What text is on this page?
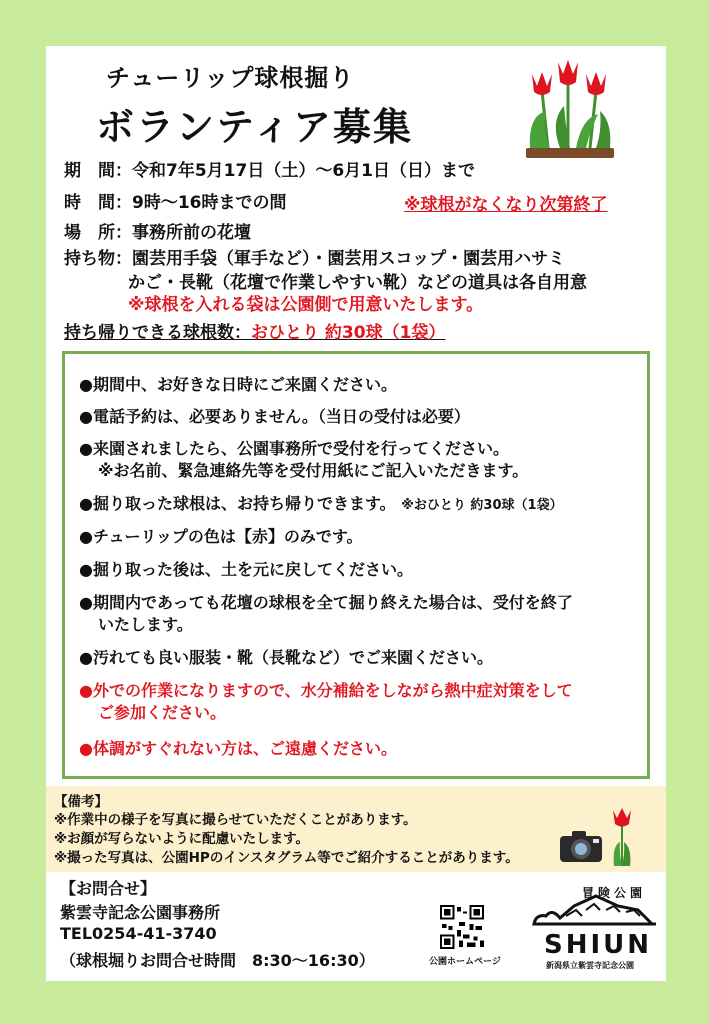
チューリップ球根掘り
ボランティア募集
期　間：令和7年5月17日（土）～6月1日（日）まで
時　間：9時～16時までの間	※球根がなくなり次第終了
場　所：事務所前の花壇
持ち物：園芸用手袋（軍手など）・園芸用スコップ・園芸用ハサミ
かご・長靴（花壇で作業しやすい靴）などの道具は各自用意
※球根を入れる袋は公園側で用意いたします。
持ち帰りできる球根数：おひとり 約30球（1袋）
●期間中、お好きな日時にご来園ください。
●電話予約は、必要ありません。（当日の受付は必要）
●来園されましたら、公園事務所で受付を行ってください。
※お名前、緊急連絡先等を受付用紙にご記入いただきます。
●掘り取った球根は、お持ち帰りできます。 ※おひとり 約30球（1袋）
●チューリップの色は【赤】のみです。
●掘り取った後は、土を元に戻してください。
●期間内であっても花壇の球根を全て掘り終えた場合は、受付を終了
いたします。
●汚れても良い服装・靴（長靴など）でご来園ください。
●外での作業になりますので、水分補給をしながら熱中症対策をして
ご参加ください。
●体調がすぐれない方は、ご遠慮ください。
【備考】
※作業中の様子を写真に撮らせていただくことがあります。
※お顔が写らないように配慮いたします。
※撮った写真は、公園HPのインスタグラム等でご紹介することがあります。
【お問合せ】
紫雲寺記念公園事務所
TEL0254-41-3740
（球根堀りお問合せ時間　8:30～16:30）	公園ホームページ
冒険公園
SHIUN
新潟県立紫雲寺記念公園
